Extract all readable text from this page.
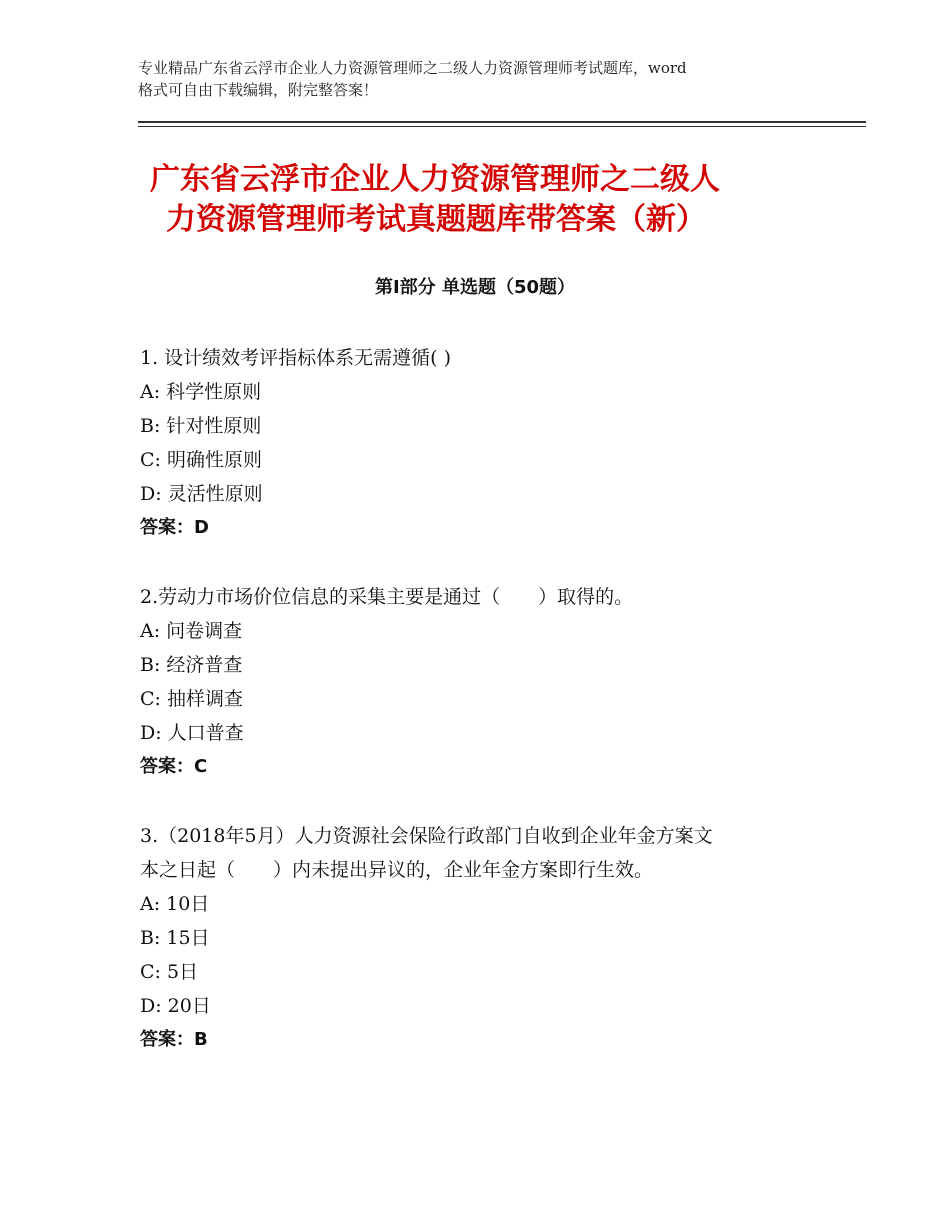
专业精品广东省云浮市企业人力资源管理师之二级人力资源管理师考试题库，word
格式可自由下载编辑，附完整答案！
广东省云浮市企业人力资源管理师之二级人
力资源管理师考试真题题库带答案（新）
第Ⅰ部分 单选题（50题）

1. 设计绩效考评指标体系无需遵循( )

A: 科学性原则

B: 针对性原则

C: 明确性原则

D: 灵活性原则

答案：D

2.劳动力市场价位信息的采集主要是通过（　　）取得的。

A: 问卷调查

B: 经济普查

C: 抽样调查

D: 人口普查

答案：C

3.（2018年5月）人力资源社会保险行政部门自收到企业年金方案文

本之日起（　　）内未提出异议的，企业年金方案即行生效。

A: 10日

B: 15日

C: 5日

D: 20日

答案：B
